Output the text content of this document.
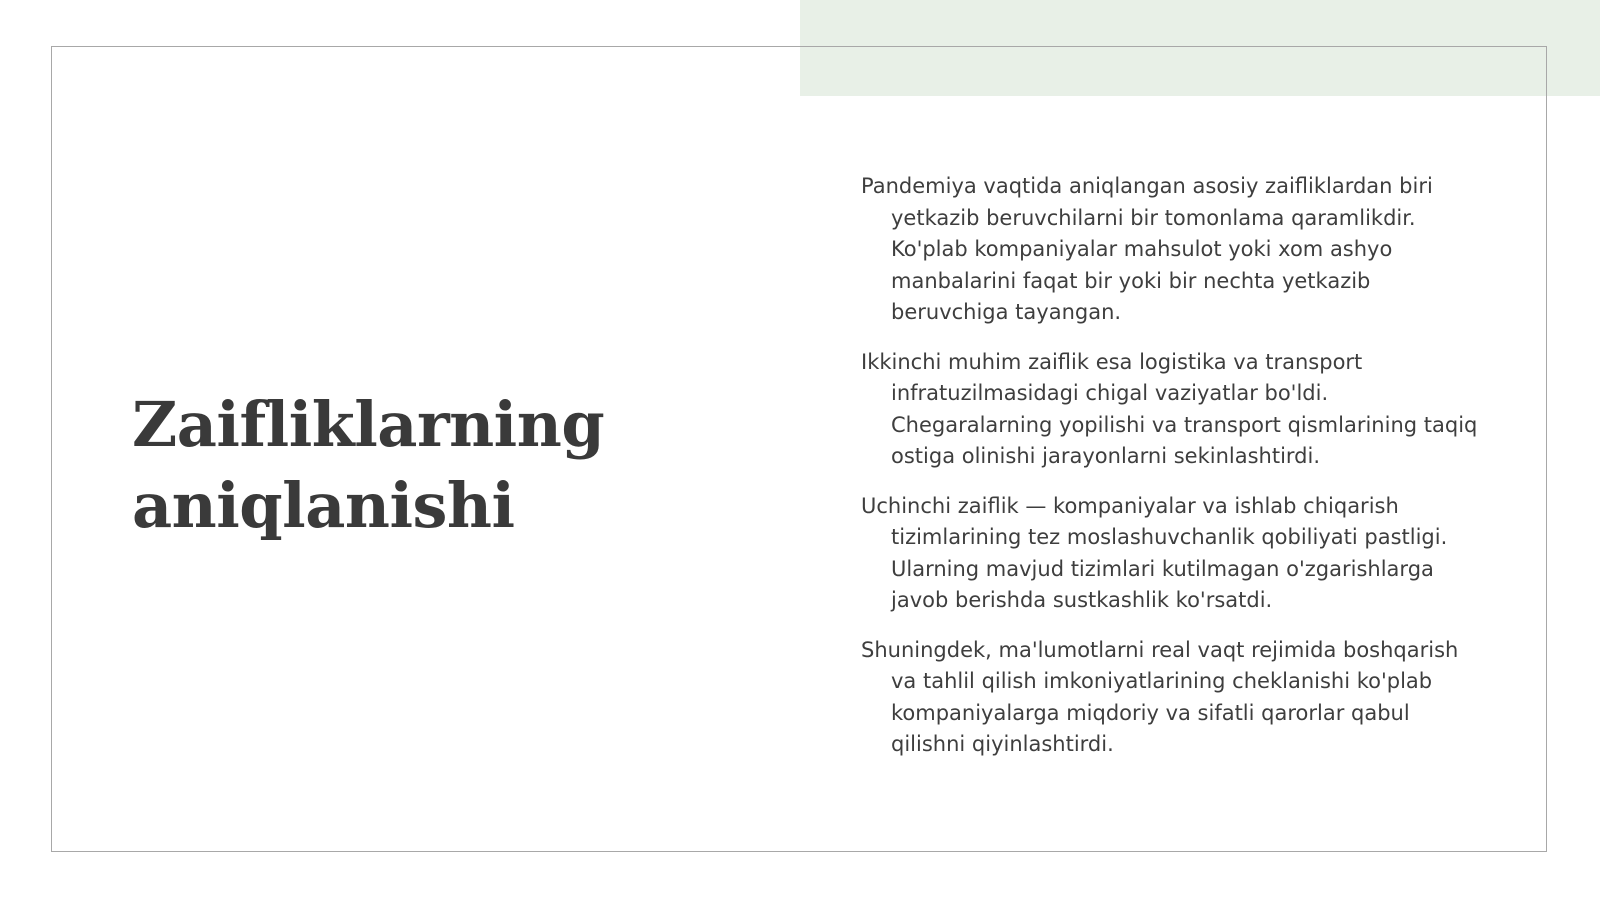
Zaifliklarning
aniqlanishi
Pandemiya vaqtida aniqlangan asosiy zaifliklardan biri yetkazib beruvchilarni bir tomonlama qaramlikdir. Ko'plab kompaniyalar mahsulot yoki xom ashyo manbalarini faqat bir yoki bir nechta yetkazib beruvchiga tayangan.
Ikkinchi muhim zaiflik esa logistika va transport infratuzilmasidagi chigal vaziyatlar bo'ldi. Chegaralarning yopilishi va transport qismlarining taqiq ostiga olinishi jarayonlarni sekinlashtirdi.
Uchinchi zaiflik — kompaniyalar va ishlab chiqarish tizimlarining tez moslashuvchanlik qobiliyati pastligi. Ularning mavjud tizimlari kutilmagan o'zgarishlarga javob berishda sustkashlik ko'rsatdi.
Shuningdek, ma'lumotlarni real vaqt rejimida boshqarish va tahlil qilish imkoniyatlarining cheklanishi ko'plab kompaniyalarga miqdoriy va sifatli qarorlar qabul qilishni qiyinlashtirdi.
